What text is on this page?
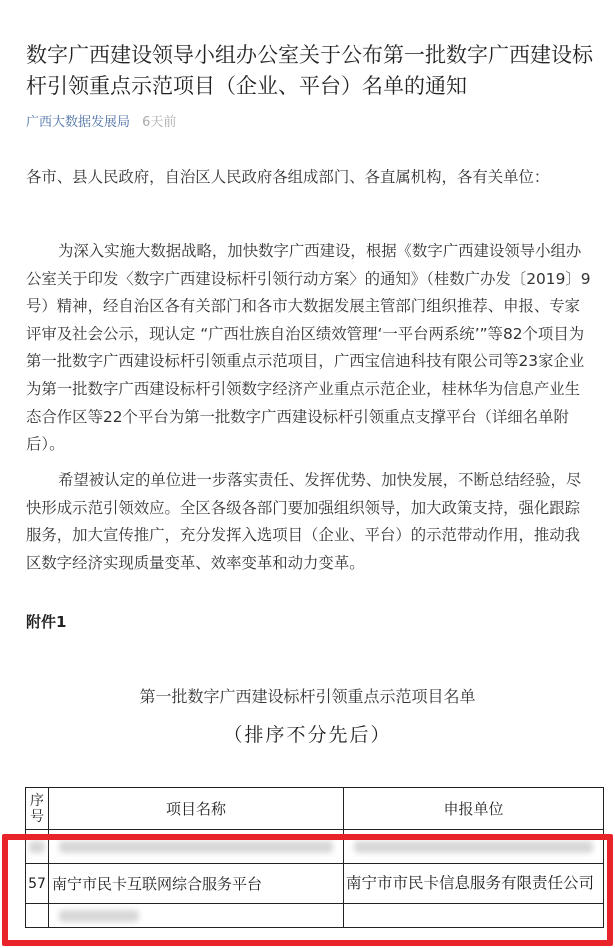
数字广西建设领导小组办公室关于公布第一批数字广西建设标杆引领重点示范项目（企业、平台）名单的通知
广西大数据发展局 6天前

各市、县人民政府，自治区人民政府各组成部门、各直属机构，各有关单位：

为深入实施大数据战略，加快数字广西建设，根据《数字广西建设领导小组办公室关于印发〈数字广西建设标杆引领行动方案〉的通知》（桂数广办发〔2019〕9号）精神，经自治区各有关部门和各市大数据发展主管部门组织推荐、申报、专家评审及社会公示，现认定 “广西壮族自治区绩效管理‘一平台两系统’”等82个项目为第一批数字广西建设标杆引领重点示范项目，广西宝信迪科技有限公司等23家企业为第一批数字广西建设标杆引领数字经济产业重点示范企业，桂林华为信息产业生态合作区等22个平台为第一批数字广西建设标杆引领重点支撑平台（详细名单附后）。

希望被认定的单位进一步落实责任、发挥优势、加快发展，不断总结经验，尽快形成示范引领效应。全区各级各部门要加强组织领导，加大政策支持，强化跟踪服务，加大宣传推广，充分发挥入选项目（企业、平台）的示范带动作用，推动我区数字经济实现质量变革、效率变革和动力变革。

附件1
第一批数字广西建设标杆引领重点示范项目名单
（排序不分先后）
序号	项目名称	申报单位

57	南宁市民卡互联网综合服务平台	南宁市市民卡信息服务有限责任公司
